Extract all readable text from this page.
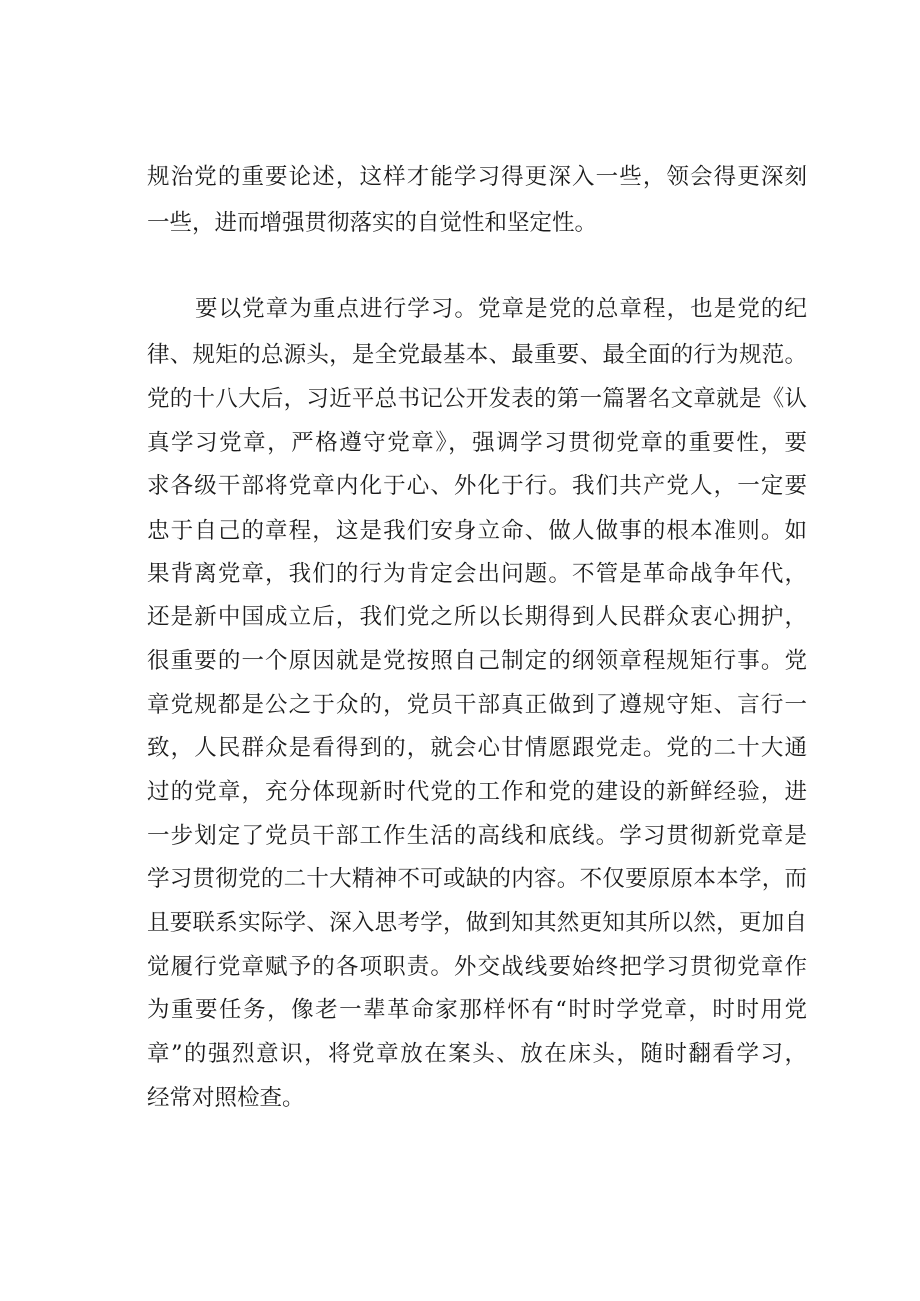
规治党的重要论述，这样才能学习得更深入一些，领会得更深刻
一些，进而增强贯彻落实的自觉性和坚定性。
要以党章为重点进行学习。党章是党的总章程，也是党的纪
律、规矩的总源头，是全党最基本、最重要、最全面的行为规范。
党的十八大后，习近平总书记公开发表的第一篇署名文章就是《认
真学习党章，严格遵守党章》，强调学习贯彻党章的重要性，要
求各级干部将党章内化于心、外化于行。我们共产党人，一定要
忠于自己的章程，这是我们安身立命、做人做事的根本准则。如
果背离党章，我们的行为肯定会出问题。不管是革命战争年代，
还是新中国成立后，我们党之所以长期得到人民群众衷心拥护，
很重要的一个原因就是党按照自己制定的纲领章程规矩行事。党
章党规都是公之于众的，党员干部真正做到了遵规守矩、言行一
致，人民群众是看得到的，就会心甘情愿跟党走。党的二十大通
过的党章，充分体现新时代党的工作和党的建设的新鲜经验，进
一步划定了党员干部工作生活的高线和底线。学习贯彻新党章是
学习贯彻党的二十大精神不可或缺的内容。不仅要原原本本学，而
且要联系实际学、深入思考学，做到知其然更知其所以然，更加自
觉履行党章赋予的各项职责。外交战线要始终把学习贯彻党章作
为重要任务，像老一辈革命家那样怀有“时时学党章，时时用党
章”的强烈意识，将党章放在案头、放在床头，随时翻看学习，
经常对照检查。
